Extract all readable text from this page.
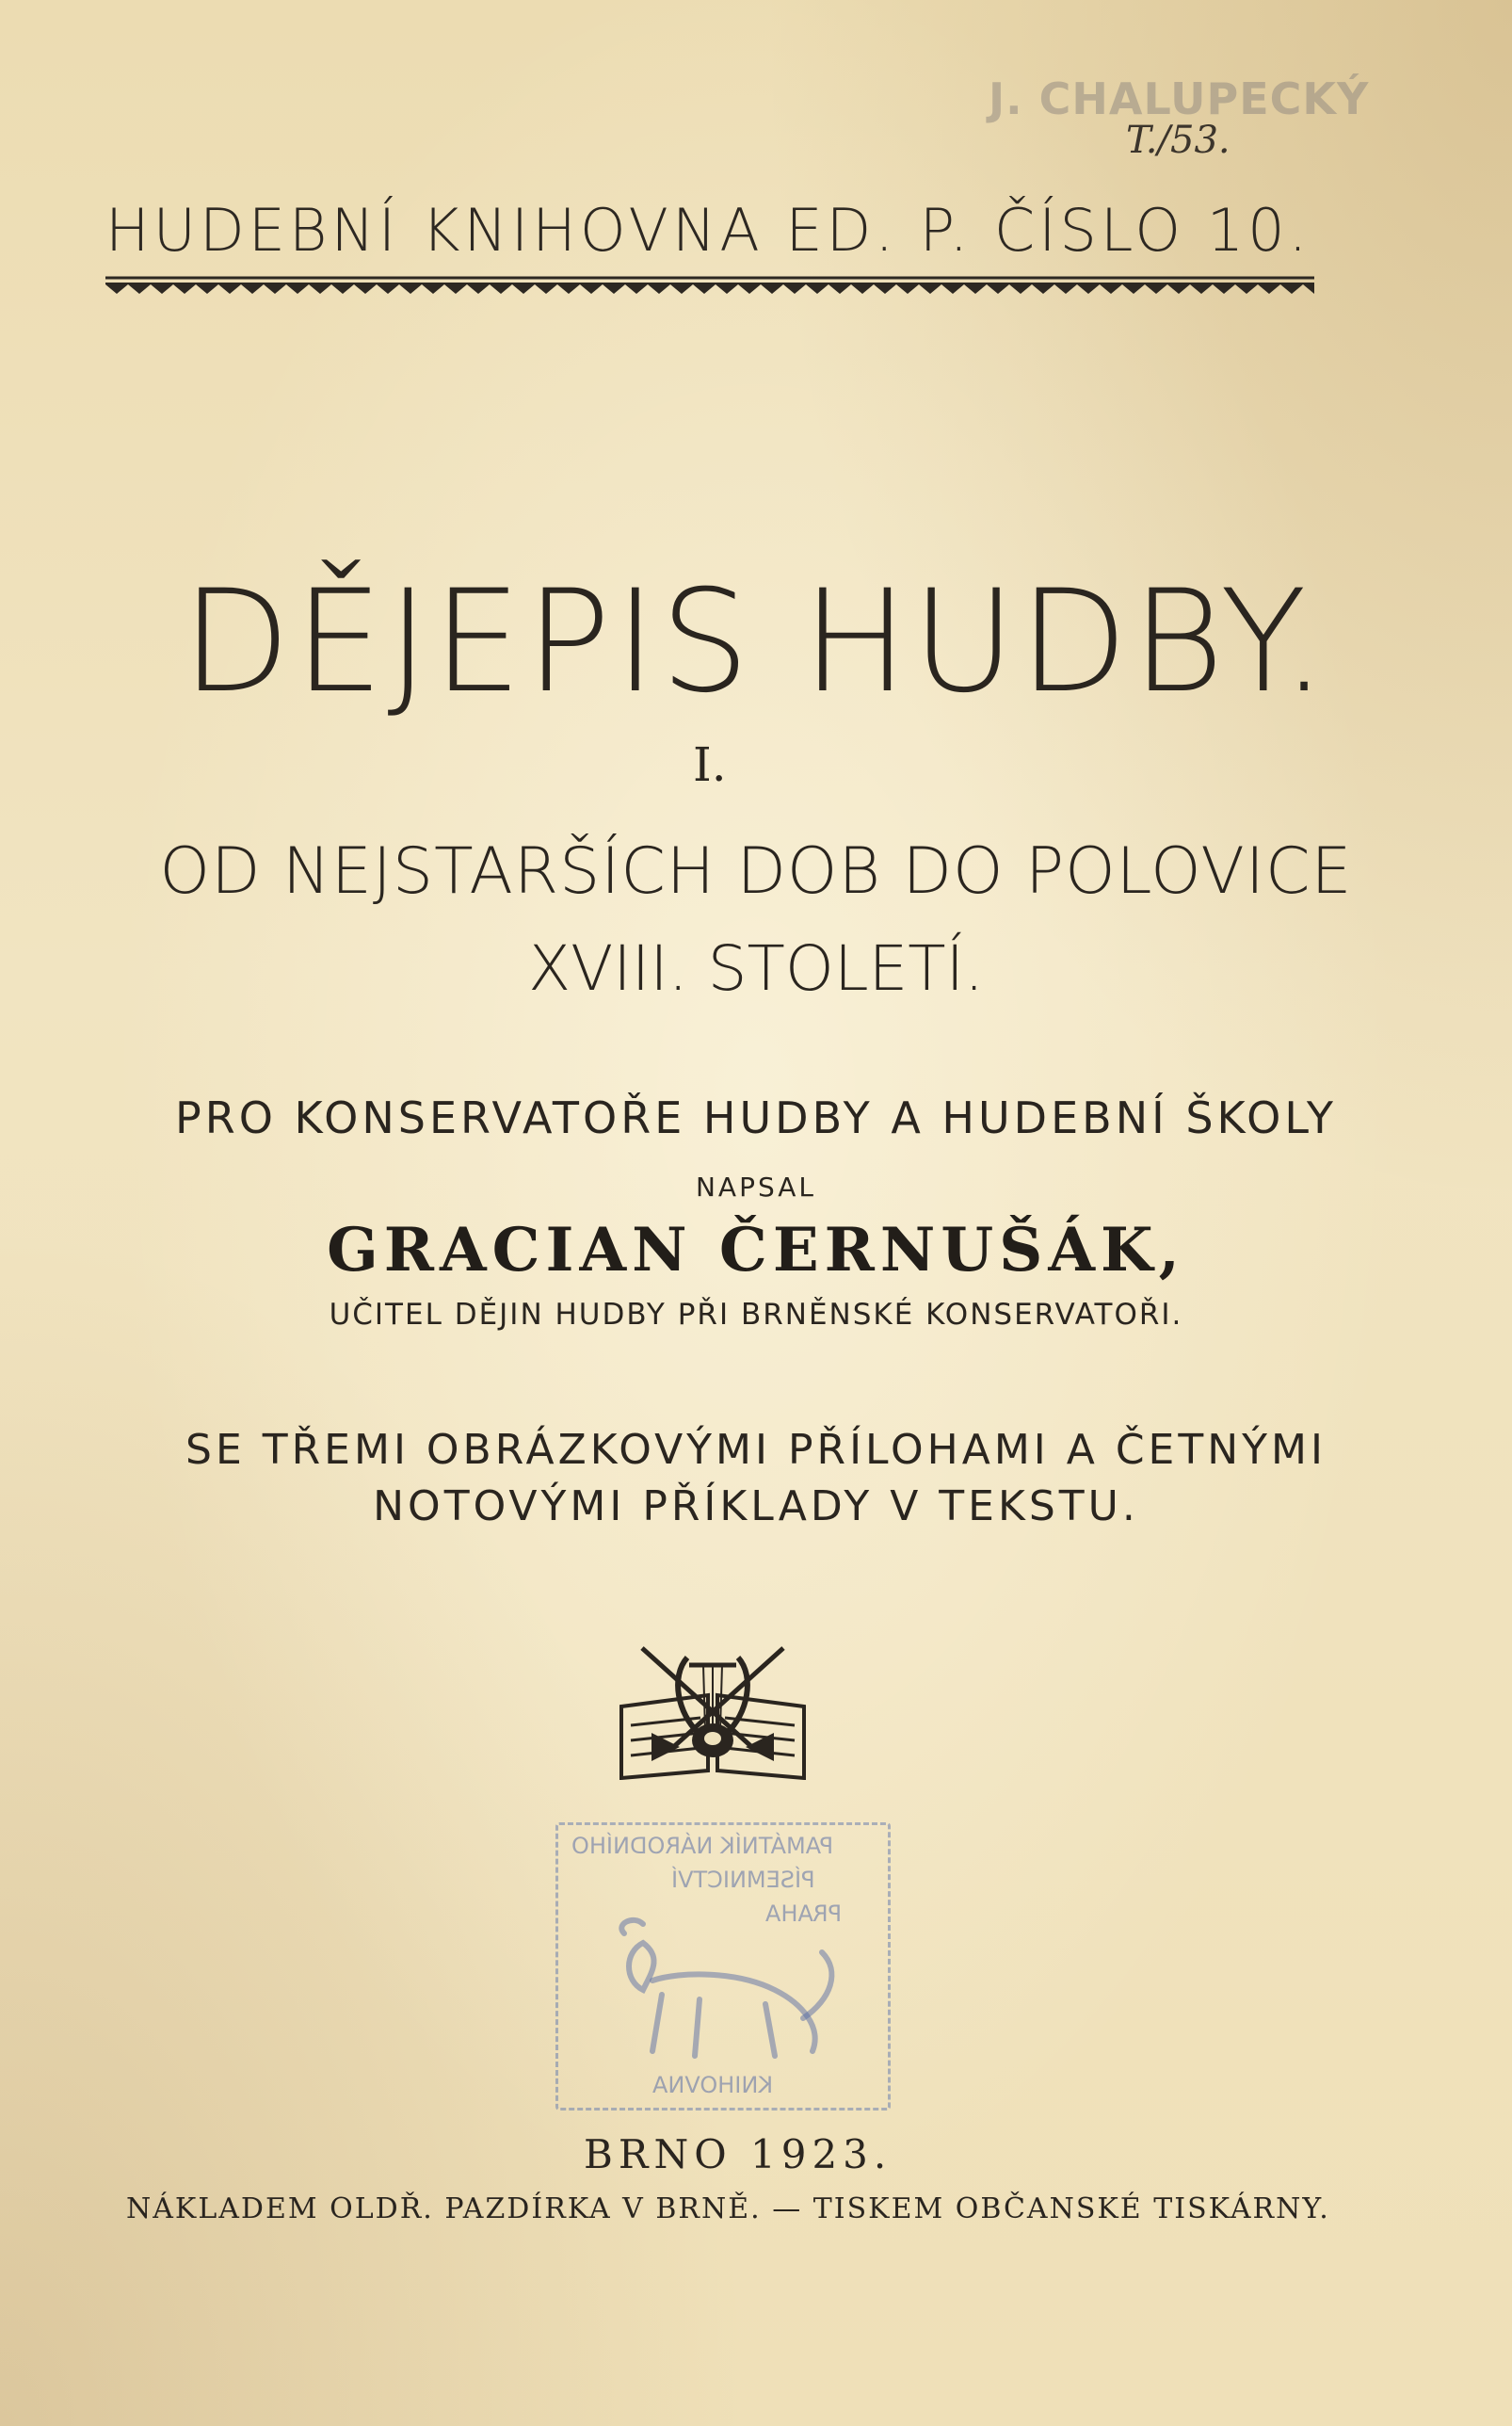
J. CHALUPECKÝ
T./53.
HUDEBNÍ KNIHOVNA ED. P. ČÍSLO 10.
DĚJEPIS HUDBY.
I.
OD NEJSTARŠÍCH DOB DO POLOVICE
XVIII. STOLETÍ.
PRO KONSERVATOŘE HUDBY A HUDEBNÍ ŠKOLY
NAPSAL
GRACIAN ČERNUŠÁK,
UČITEL DĚJIN HUDBY PŘI BRNĚNSKÉ KONSERVATOŘI.
SE TŘEMI OBRÁZKOVÝMI PŘÍLOHAMI A ČETNÝMI
NOTOVÝMI PŘÍKLADY V TEKSTU.
PAMÁTNÍK NÁRODNÍHO
PÍSEMNICTVÍ
PRAHA
KNIHOVNA
BRNO 1923.
NÁKLADEM OLDŘ. PAZDÍRKA V BRNĚ. — TISKEM OBČANSKÉ TISKÁRNY.
